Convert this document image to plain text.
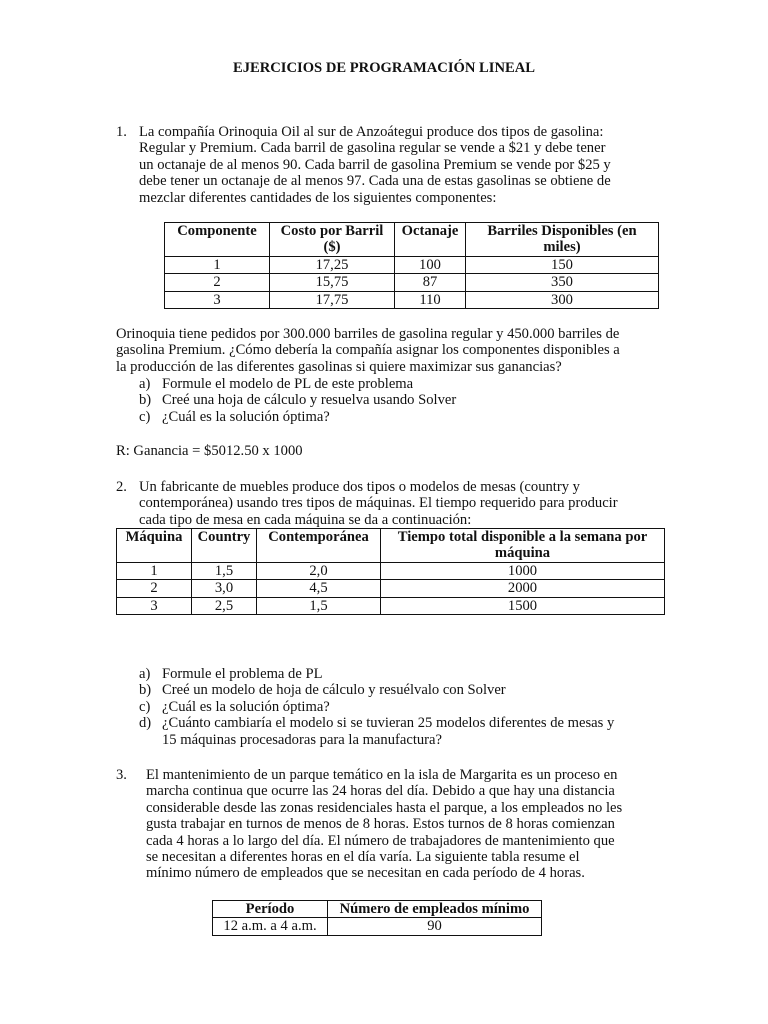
EJERCICIOS DE PROGRAMACIÓN LINEAL
1. La compañía Orinoquia Oil al sur de Anzoátegui produce dos tipos de gasolina:
Regular y Premium. Cada barril de gasolina regular se vende a $21 y debe tener
un octanaje de al menos 90. Cada barril de gasolina Premium se vende por $25 y
debe tener un octanaje de al menos 97. Cada una de estas gasolinas se obtiene de
mezclar diferentes cantidades de los siguientes componentes:
Componente	Costo por Barril ($)	Octanaje	Barriles Disponibles (en miles)
1	17,25	100	150
2	15,75	87	350
3	17,75	110	300
Orinoquia tiene pedidos por 300.000 barriles de gasolina regular y 450.000 barriles de
gasolina Premium. ¿Cómo debería la compañía asignar los componentes disponibles a
la producción de las diferentes gasolinas si quiere maximizar sus ganancias?
a) Formule el modelo de PL de este problema
b) Creé una hoja de cálculo y resuelva usando Solver
c) ¿Cuál es la solución óptima?
R: Ganancia = $5012.50 x 1000
2. Un fabricante de muebles produce dos tipos o modelos de mesas (country y
contemporánea) usando tres tipos de máquinas. El tiempo requerido para producir
cada tipo de mesa en cada máquina se da a continuación:
Máquina	Country	Contemporánea	Tiempo total disponible a la semana por máquina
1	1,5	2,0	1000
2	3,0	4,5	2000
3	2,5	1,5	1500
a) Formule el problema de PL
b) Creé un modelo de hoja de cálculo y resuélvalo con Solver
c) ¿Cuál es la solución óptima?
d) ¿Cuánto cambiaría el modelo si se tuvieran 25 modelos diferentes de mesas y
15 máquinas procesadoras para la manufactura?
3. El mantenimiento de un parque temático en la isla de Margarita es un proceso en
marcha continua que ocurre las 24 horas del día. Debido a que hay una distancia
considerable desde las zonas residenciales hasta el parque, a los empleados no les
gusta trabajar en turnos de menos de 8 horas. Estos turnos de 8 horas comienzan
cada 4 horas a lo largo del día. El número de trabajadores de mantenimiento que
se necesitan a diferentes horas en el día varía. La siguiente tabla resume el
mínimo número de empleados que se necesitan en cada período de 4 horas.
Período	Número de empleados mínimo
12 a.m. a 4 a.m.	90
